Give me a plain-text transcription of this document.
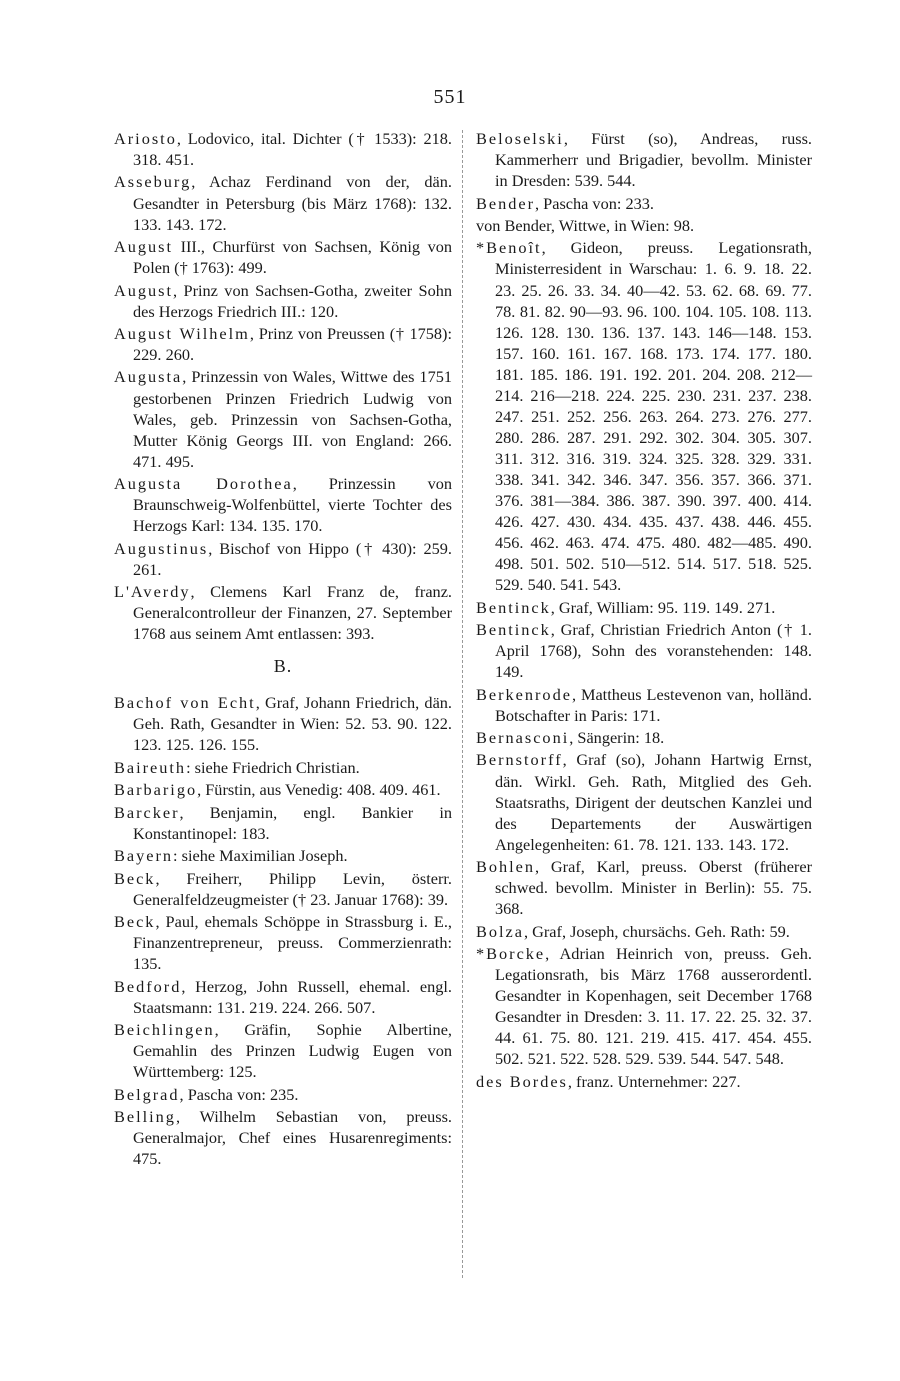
551
Ariosto, Lodovico, ital. Dichter († 1533): 218. 318. 451.
Asseburg, Achaz Ferdinand von der, dän. Gesandter in Petersburg (bis März 1768): 132. 133. 143. 172.
August III., Churfürst von Sachsen, König von Polen († 1763): 499.
August, Prinz von Sachsen-Gotha, zweiter Sohn des Herzogs Friedrich III.: 120.
August Wilhelm, Prinz von Preussen († 1758): 229. 260.
Augusta, Prinzessin von Wales, Wittwe des 1751 gestorbenen Prinzen Friedrich Ludwig von Wales, geb. Prinzessin von Sachsen-Gotha, Mutter König Georgs III. von England: 266. 471. 495.
Augusta Dorothea, Prinzessin von Braunschweig-Wolfenbüttel, vierte Tochter des Herzogs Karl: 134. 135. 170.
Augustinus, Bischof von Hippo († 430): 259. 261.
L'Averdy, Clemens Karl Franz de, franz. Generalcontrolleur der Finanzen, 27. September 1768 aus seinem Amt entlassen: 393.
B.
Bachof von Echt, Graf, Johann Friedrich, dän. Geh. Rath, Gesandter in Wien: 52. 53. 90. 122. 123. 125. 126. 155.
Baireuth: siehe Friedrich Christian.
Barbarigo, Fürstin, aus Venedig: 408. 409. 461.
Barcker, Benjamin, engl. Bankier in Konstantinopel: 183.
Bayern: siehe Maximilian Joseph.
Beck, Freiherr, Philipp Levin, österr. Generalfeldzeugmeister († 23. Januar 1768): 39.
Beck, Paul, ehemals Schöppe in Strassburg i. E., Finanzentrepreneur, preuss. Commerzienrath: 135.
Bedford, Herzog, John Russell, ehemal. engl. Staatsmann: 131. 219. 224. 266. 507.
Beichlingen, Gräfin, Sophie Albertine, Gemahlin des Prinzen Ludwig Eugen von Württemberg: 125.
Belgrad, Pascha von: 235.
Belling, Wilhelm Sebastian von, preuss. Generalmajor, Chef eines Husarenregiments: 475.
Beloselski, Fürst (so), Andreas, russ. Kammerherr und Brigadier, bevollm. Minister in Dresden: 539. 544.
Bender, Pascha von: 233.
von Bender, Wittwe, in Wien: 98.
*Benoît, Gideon, preuss. Legationsrath, Ministerresident in Warschau: 1. 6. 9. 18. 22. 23. 25. 26. 33. 34. 40—42. 53. 62. 68. 69. 77. 78. 81. 82. 90—93. 96. 100. 104. 105. 108. 113. 126. 128. 130. 136. 137. 143. 146—148. 153. 157. 160. 161. 167. 168. 173. 174. 177. 180. 181. 185. 186. 191. 192. 201. 204. 208. 212—214. 216—218. 224. 225. 230. 231. 237. 238. 247. 251. 252. 256. 263. 264. 273. 276. 277. 280. 286. 287. 291. 292. 302. 304. 305. 307. 311. 312. 316. 319. 324. 325. 328. 329. 331. 338. 341. 342. 346. 347. 356. 357. 366. 371. 376. 381—384. 386. 387. 390. 397. 400. 414. 426. 427. 430. 434. 435. 437. 438. 446. 455. 456. 462. 463. 474. 475. 480. 482—485. 490. 498. 501. 502. 510—512. 514. 517. 518. 525. 529. 540. 541. 543.
Bentinck, Graf, William: 95. 119. 149. 271.
Bentinck, Graf, Christian Friedrich Anton († 1. April 1768), Sohn des voranstehenden: 148. 149.
Berkenrode, Mattheus Lestevenon van, holländ. Botschafter in Paris: 171.
Bernasconi, Sängerin: 18.
Bernstorff, Graf (so), Johann Hartwig Ernst, dän. Wirkl. Geh. Rath, Mitglied des Geh. Staatsraths, Dirigent der deutschen Kanzlei und des Departements der Auswärtigen Angelegenheiten: 61. 78. 121. 133. 143. 172.
Bohlen, Graf, Karl, preuss. Oberst (früherer schwed. bevollm. Minister in Berlin): 55. 75. 368.
Bolza, Graf, Joseph, chursächs. Geh. Rath: 59.
*Borcke, Adrian Heinrich von, preuss. Geh. Legationsrath, bis März 1768 ausserordentl. Gesandter in Kopenhagen, seit December 1768 Gesandter in Dresden: 3. 11. 17. 22. 25. 32. 37. 44. 61. 75. 80. 121. 219. 415. 417. 454. 455. 502. 521. 522. 528. 529. 539. 544. 547. 548.
des Bordes, franz. Unternehmer: 227.
